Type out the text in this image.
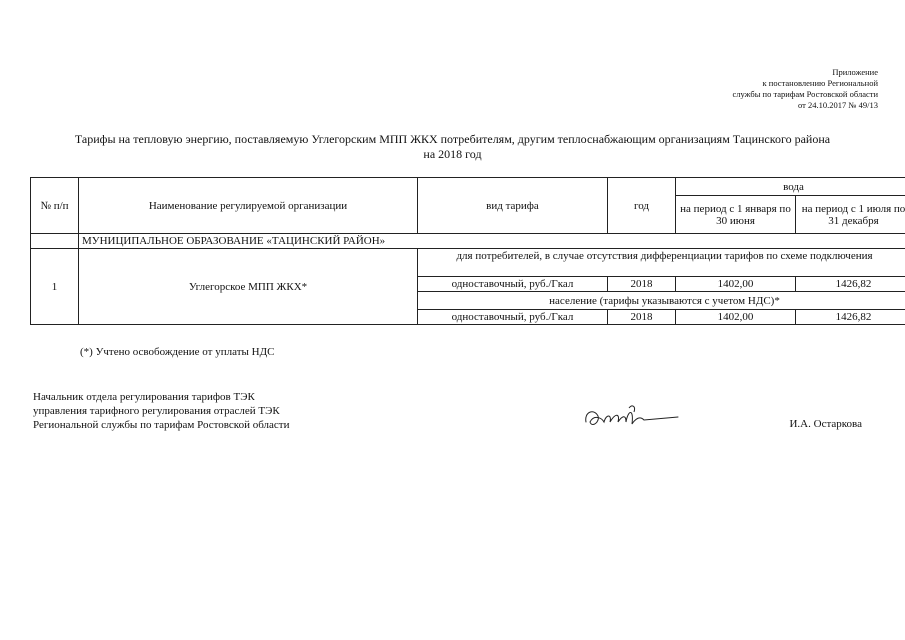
Приложение
к постановлению Региональной
службы по тарифам Ростовской области
от 24.10.2017 № 49/13
Тарифы на тепловую энергию, поставляемую Углегорским МПП ЖКХ потребителям, другим теплоснабжающим организациям Тацинского района
на 2018 год
№ п/п	Наименование регулируемой организации	вид тарифа	год	вода	
				на период с 1 января по 30 июня	на период с 1 июля по 31 декабря
	МУНИЦИПАЛЬНОЕ ОБРАЗОВАНИЕ «ТАЦИНСКИЙ РАЙОН»				
1	Углегорское МПП ЖКХ*	для потребителей, в случае отсутствия дифференциации тарифов по схеме подключения			
		одноставочный, руб./Гкал	2018	1402,00	1426,82
		население (тарифы указываются с учетом НДС)*			
		одноставочный, руб./Гкал	2018	1402,00	1426,82
(*) Учтено освобождение от уплаты НДС
Начальник отдела регулирования тарифов ТЭК
управления тарифного регулирования отраслей ТЭК
Региональной службы по тарифам Ростовской области	И.А. Остаркова
